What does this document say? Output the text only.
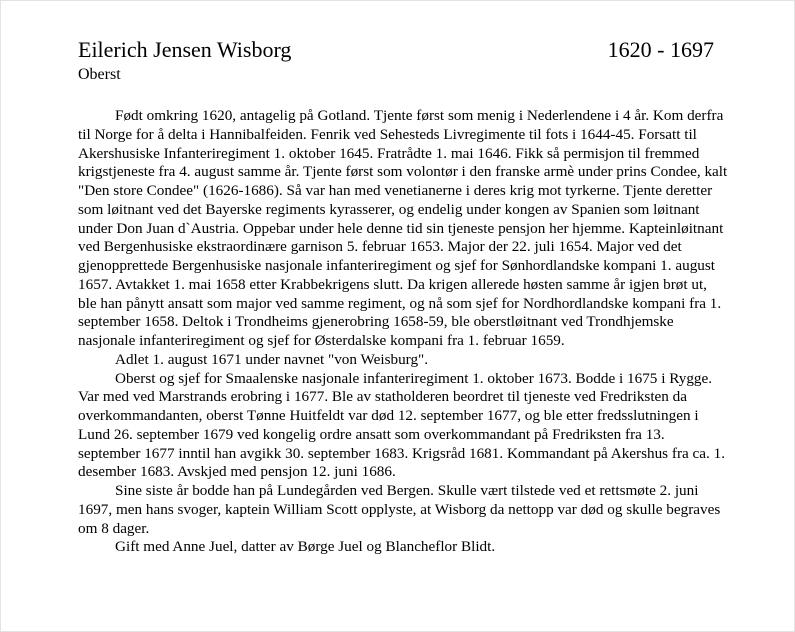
Eilerich Jensen Wisborg	1620 - 1697
Oberst

Født omkring 1620, antagelig på Gotland. Tjente først som menig i Nederlendene i 4 år. Kom derfra til Norge for å delta i Hannibalfeiden. Fenrik ved Sehesteds Livregimente til fots i 1644-45. Forsatt til Akershusiske Infanteriregiment 1. oktober 1645. Fratrådte 1. mai 1646. Fikk så permisjon til fremmed krigstjeneste fra 4. august samme år. Tjente først som volontør i den franske armè under prins Condee, kalt "Den store Condee" (1626-1686). Så var han med venetianerne i deres krig mot tyrkerne. Tjente deretter som løitnant ved det Bayerske regiments kyrasserer, og endelig under kongen av Spanien som løitnant under Don Juan d`Austria. Oppebar under hele denne tid sin tjeneste pensjon her hjemme. Kapteinløitnant ved Bergenhusiske ekstraordinære garnison 5. februar 1653. Major der 22. juli 1654. Major ved det gjenopprettede Bergenhusiske nasjonale infanteriregiment og sjef for Sønhordlandske kompani 1. august 1657. Avtakket 1. mai 1658 etter Krabbekrigens slutt. Da krigen allerede høsten samme år igjen brøt ut, ble han pånytt ansatt som major ved samme regiment, og nå som sjef for Nordhordlandske kompani fra 1. september 1658. Deltok i Trondheims gjenerobring 1658-59, ble oberstløitnant ved Trondhjemske nasjonale infanteriregiment og sjef for Østerdalske kompani fra 1. februar 1659.

Adlet 1. august 1671 under navnet "von Weisburg".

Oberst og sjef for Smaalenske nasjonale infanteriregiment 1. oktober 1673. Bodde i 1675 i Rygge. Var med ved Marstrands erobring i 1677. Ble av statholderen beordret til tjeneste ved Fredriksten da overkommandanten, oberst Tønne Huitfeldt var død 12. september 1677, og ble etter fredsslutningen i Lund 26. september 1679 ved kongelig ordre ansatt som overkommandant på Fredriksten fra 13. september 1677 inntil han avgikk 30. september 1683. Krigsråd 1681. Kommandant på Akershus fra ca. 1. desember 1683. Avskjed med pensjon 12. juni 1686.

Sine siste år bodde han på Lundegården ved Bergen. Skulle vært tilstede ved et rettsmøte 2. juni 1697, men hans svoger, kaptein William Scott opplyste, at Wisborg da nettopp var død og skulle begraves om 8 dager.

Gift med Anne Juel, datter av Børge Juel og Blancheflor Blidt.
